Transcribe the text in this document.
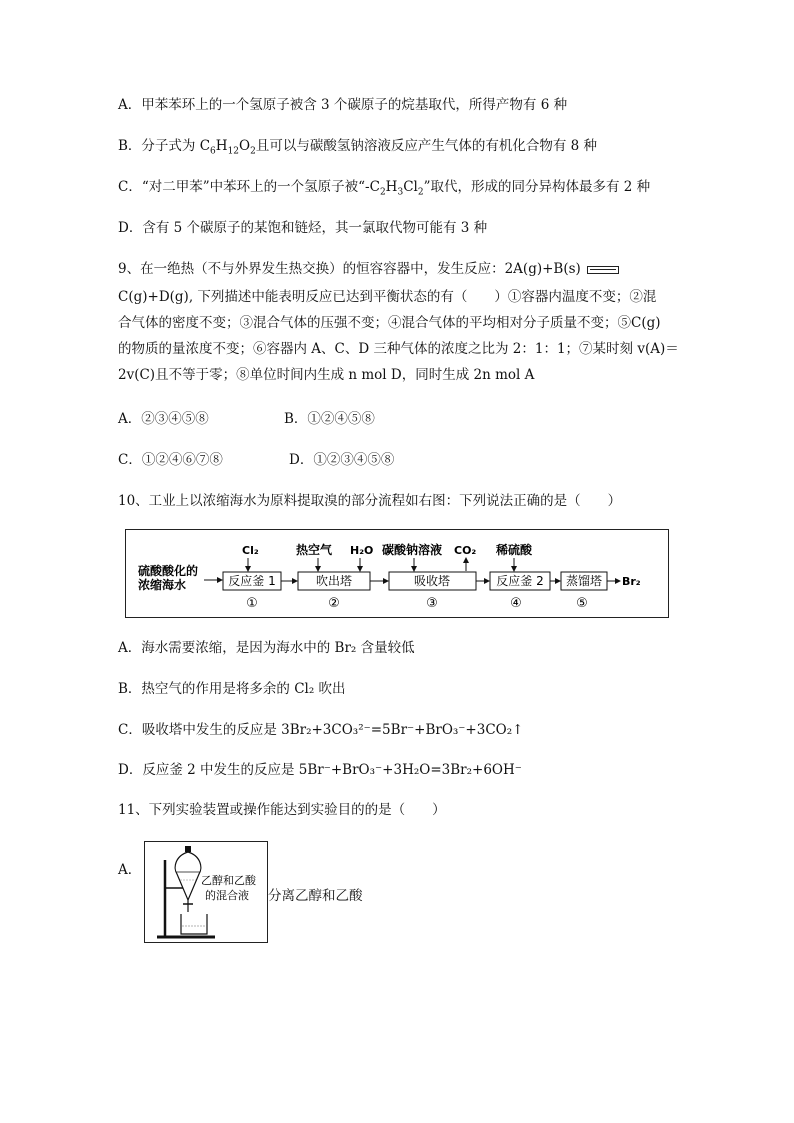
A．甲苯苯环上的一个氢原子被含 3 个碳原子的烷基取代，所得产物有 6 种
B．分子式为 $C_6H_{12}O_2$且可以与碳酸氢钠溶液反应产生气体的有机化合物有 8 种
C．“对二甲苯”中苯环上的一个氢原子被“$-C_2H_3Cl_2$”取代，形成的同分异构体最多有 2 种
D．含有 5 个碳原子的某饱和链烃，其一氯取代物可能有 3 种
9、在一绝热（不与外界发生热交换）的恒容容器中，发生反应：2A(g)+B(s)
C(g)+D(g), 下列描述中能表明反应已达到平衡状态的有（　　）①容器内温度不变；②混
合气体的密度不变；③混合气体的压强不变；④混合气体的平均相对分子质量不变；⑤C(g)
的物质的量浓度不变；⑥容器内 A、C、D 三种气体的浓度之比为 2：1：1；⑦某时刻 v(A)＝
2v(C)且不等于零；⑧单位时间内生成 n mol D，同时生成 2n mol A
A．②③④⑤⑧	B．①②④⑤⑧
C．①②④⑥⑦⑧	D．①②③④⑤⑧
10、工业上以浓缩海水为原料提取溴的部分流程如右图：下列说法正确的是（　　）
硫酸酸化的
浓缩海水	反应釜 1	吹出塔	吸收塔	反应釜 2 蒸馏塔 Br₂
Cl₂	热空气 H₂O 碳酸钠溶液 CO₂ 稀硫酸
①	②	③	④	⑤
A．海水需要浓缩，是因为海水中的 Br₂ 含量较低
B．热空气的作用是将多余的 Cl₂ 吹出
C．吸收塔中发生的反应是 3Br₂+3CO₃²⁻=5Br⁻+BrO₃⁻+3CO₂↑
D．反应釜 2 中发生的反应是 5Br⁻+BrO₃⁻+3H₂O=3Br₂+6OH⁻
11、下列实验装置或操作能达到实验目的的是（　　）
A．
乙醇和乙酸
的混合液 分离乙醇和乙酸
